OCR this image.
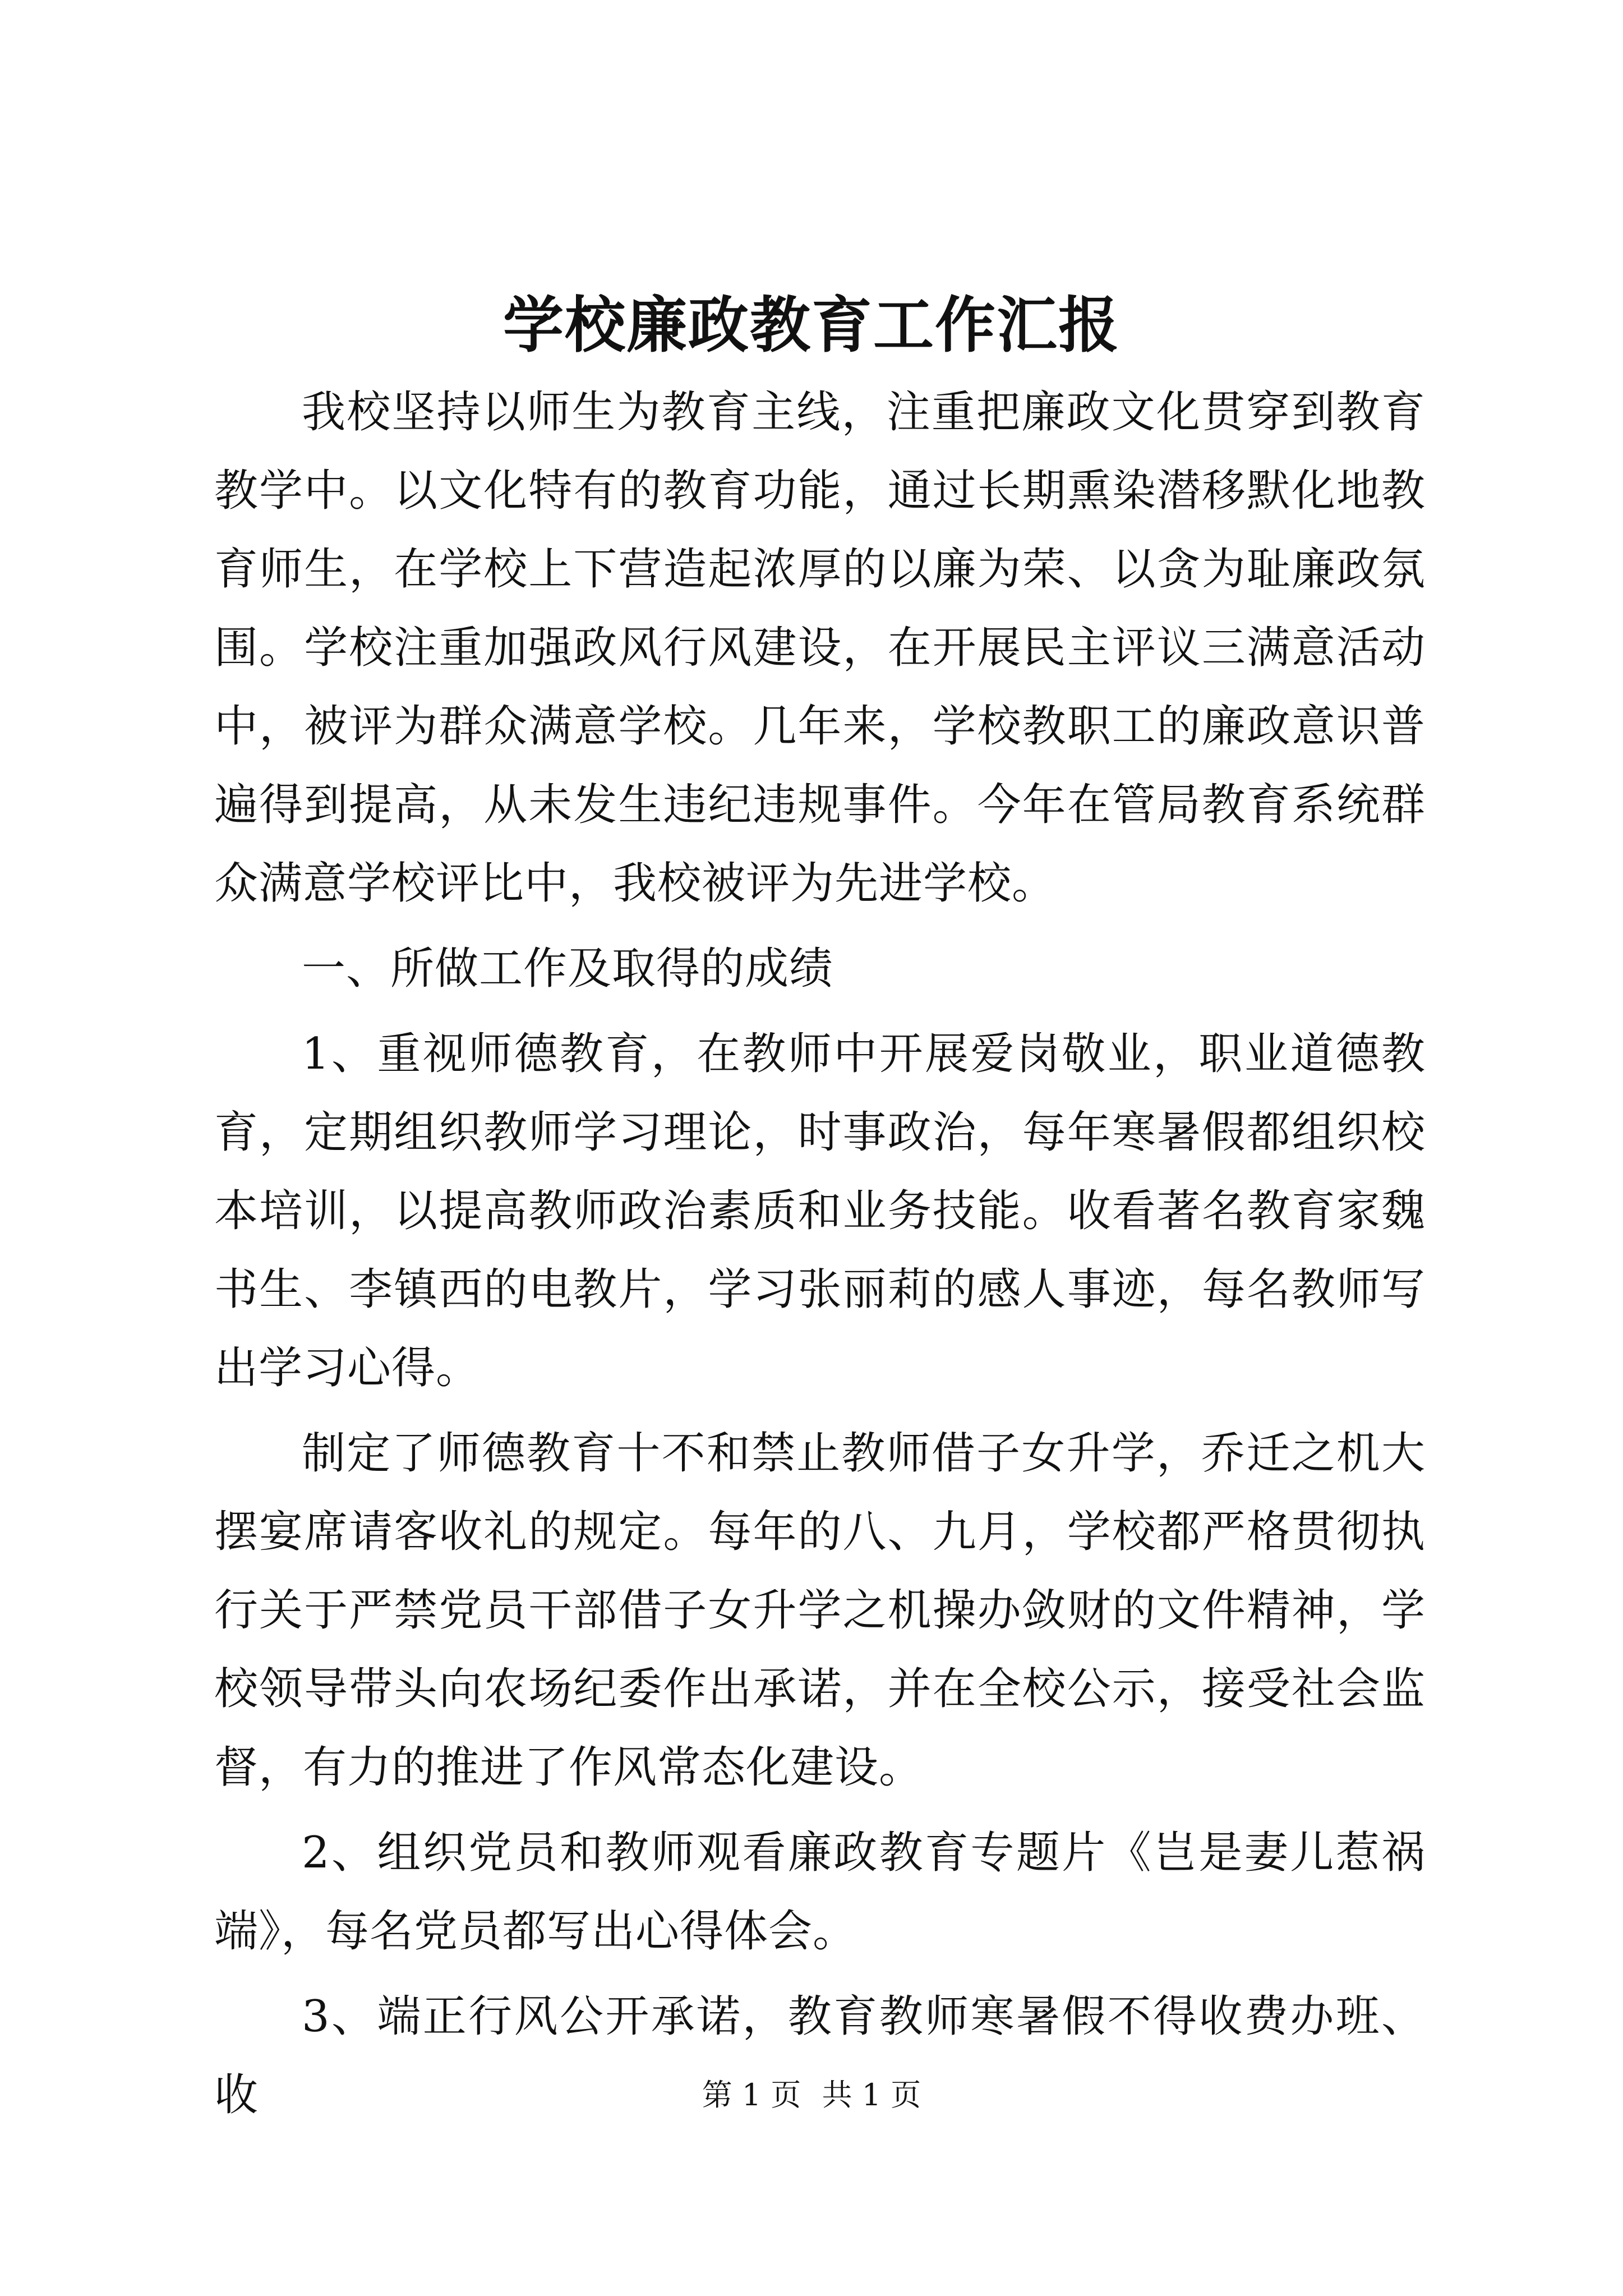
学校廉政教育工作汇报

我校坚持以师生为教育主线，注重把廉政文化贯穿到教育教学中。以文化特有的教育功能，通过长期熏染潜移默化地教育师生，在学校上下营造起浓厚的以廉为荣、以贪为耻廉政氛围。学校注重加强政风行风建设，在开展民主评议三满意活动中，被评为群众满意学校。几年来，学校教职工的廉政意识普遍得到提高，从未发生违纪违规事件。今年在管局教育系统群众满意学校评比中，我校被评为先进学校。

一、所做工作及取得的成绩

1、重视师德教育，在教师中开展爱岗敬业，职业道德教育，定期组织教师学习理论，时事政治，每年寒暑假都组织校本培训，以提高教师政治素质和业务技能。收看著名教育家魏书生、李镇西的电教片，学习张丽莉的感人事迹，每名教师写出学习心得。

制定了师德教育十不和禁止教师借子女升学，乔迁之机大摆宴席请客收礼的规定。每年的八、九月，学校都严格贯彻执行关于严禁党员干部借子女升学之机操办敛财的文件精神，学校领导带头向农场纪委作出承诺，并在全校公示，接受社会监督，有力的推进了作风常态化建设。

2、组织党员和教师观看廉政教育专题片《岂是妻儿惹祸端》，每名党员都写出心得体会。

3、端正行风公开承诺，教育教师寒暑假不得收费办班、收	第 1 页 共 1 页
